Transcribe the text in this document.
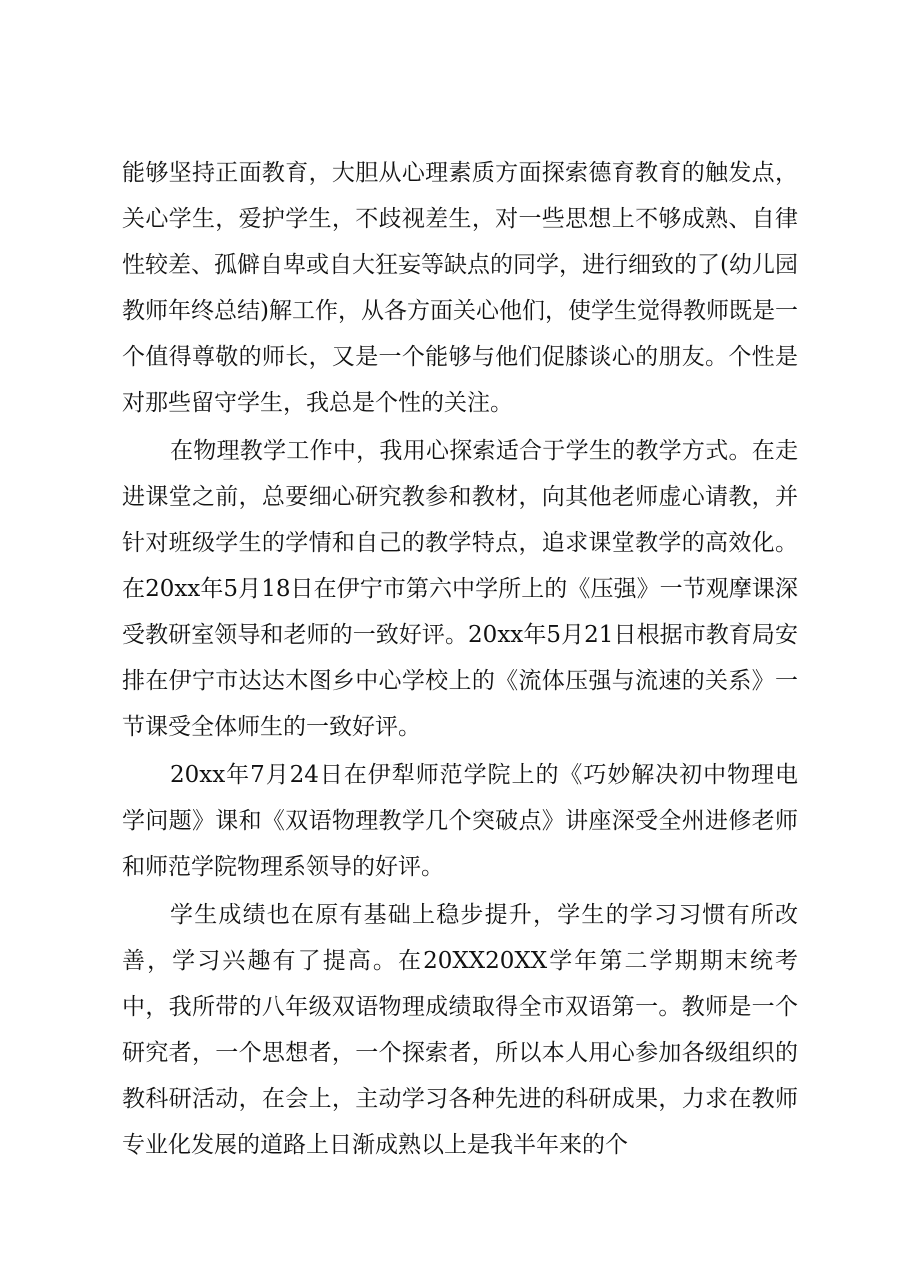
能够坚持正面教育，大胆从心理素质方面探索德育教育的触发点，关心学生，爱护学生，不歧视差生，对一些思想上不够成熟、自律性较差、孤僻自卑或自大狂妄等缺点的同学，进行细致的了(幼儿园教师年终总结)解工作，从各方面关心他们，使学生觉得教师既是一个值得尊敬的师长，又是一个能够与他们促膝谈心的朋友。个性是对那些留守学生，我总是个性的关注。

在物理教学工作中，我用心探索适合于学生的教学方式。在走进课堂之前，总要细心研究教参和教材，向其他老师虚心请教，并针对班级学生的学情和自己的教学特点，追求课堂教学的高效化。在20xx年5月18日在伊宁市第六中学所上的《压强》一节观摩课深受教研室领导和老师的一致好评。20xx年5月21日根据市教育局安排在伊宁市达达木图乡中心学校上的《流体压强与流速的关系》一节课受全体师生的一致好评。

20xx年7月24日在伊犁师范学院上的《巧妙解决初中物理电学问题》课和《双语物理教学几个突破点》讲座深受全州进修老师和师范学院物理系领导的好评。

学生成绩也在原有基础上稳步提升，学生的学习习惯有所改善，学习兴趣有了提高。在20XX20XX学年第二学期期末统考中，我所带的八年级双语物理成绩取得全市双语第一。教师是一个研究者，一个思想者，一个探索者，所以本人用心参加各级组织的教科研活动，在会上，主动学习各种先进的科研成果，力求在教师专业化发展的道路上日渐成熟以上是我半年来的个
